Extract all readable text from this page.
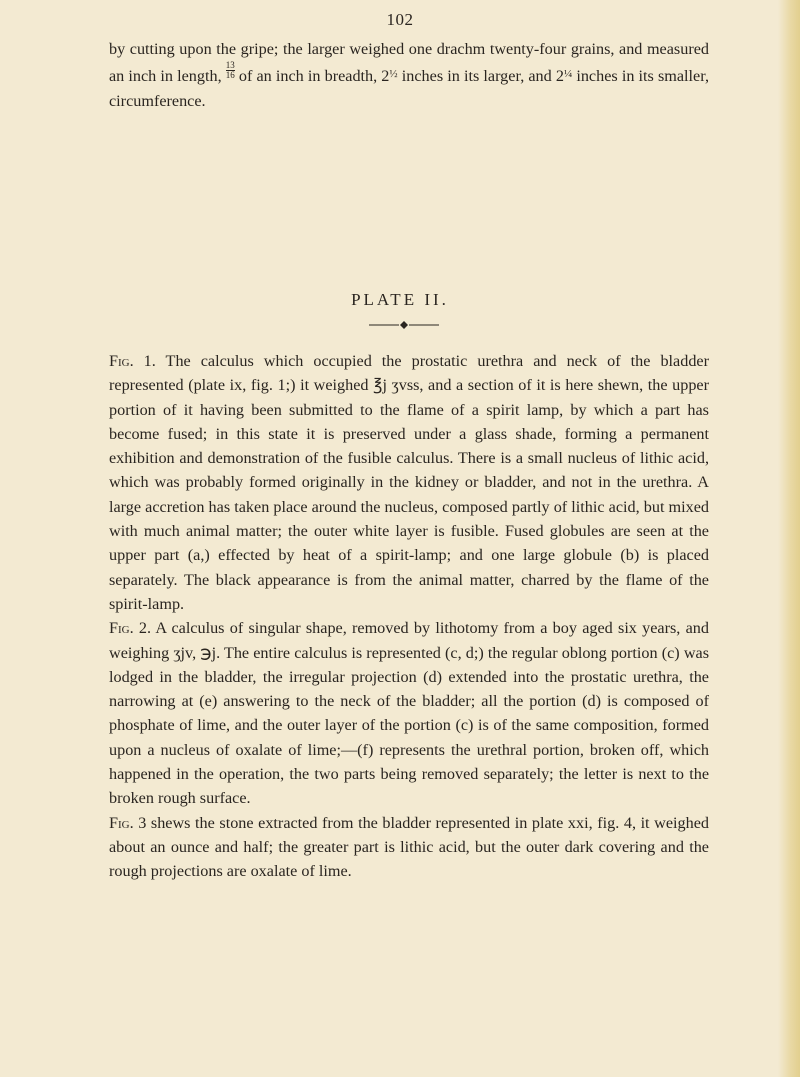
102
by cutting upon the gripe; the larger weighed one drachm twenty-four grains, and measured an inch in length, $\frac{13}{16}$ of an inch in breadth, $2^{\frac{1}{2}}$ inches in its larger, and $2^{\frac{1}{4}}$ inches in its smaller, circumference.
PLATE II.

Fig. 1. The calculus which occupied the prostatic urethra and neck of the bladder represented (plate ix, fig. 1;) it weighed ℥j ʒvss, and a section of it is here shewn, the upper portion of it having been submitted to the flame of a spirit lamp, by which a part has become fused; in this state it is preserved under a glass shade, forming a permanent exhibition and demonstration of the fusible calculus. There is a small nucleus of lithic acid, which was probably formed originally in the kidney or bladder, and not in the urethra. A large accretion has taken place around the nucleus, composed partly of lithic acid, but mixed with much animal matter; the outer white layer is fusible. Fused globules are seen at the upper part (a,) effected by heat of a spirit-lamp; and one large globule (b) is placed separately. The black appearance is from the animal matter, charred by the flame of the spirit-lamp.

Fig. 2. A calculus of singular shape, removed by lithotomy from a boy aged six years, and weighing ʒjv, ℈j. The entire calculus is represented (c, d;) the regular oblong portion (c) was lodged in the bladder, the irregular projection (d) extended into the prostatic urethra, the narrowing at (e) answering to the neck of the bladder; all the portion (d) is composed of phosphate of lime, and the outer layer of the portion (c) is of the same composition, formed upon a nucleus of oxalate of lime;—(f) represents the urethral portion, broken off, which happened in the operation, the two parts being removed separately; the letter is next to the broken rough surface.

Fig. 3 shews the stone extracted from the bladder represented in plate xxi, fig. 4, it weighed about an ounce and half; the greater part is lithic acid, but the outer dark covering and the rough projections are oxalate of lime.
